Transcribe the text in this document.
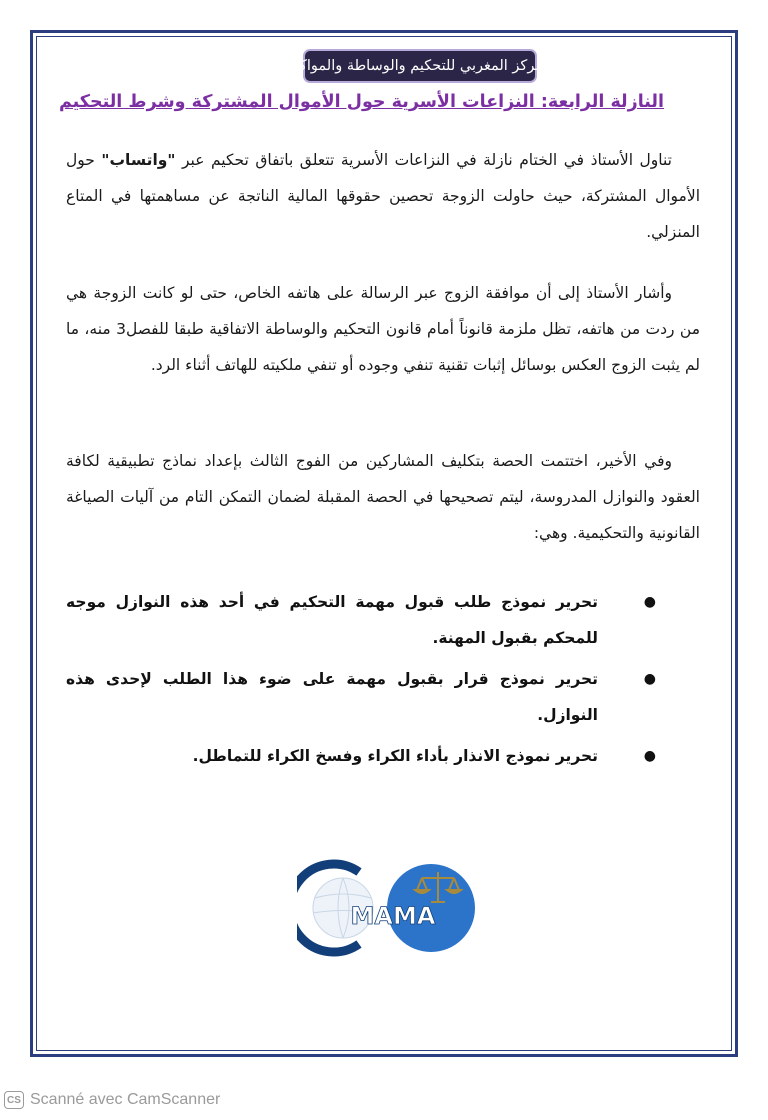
المركز المغربي للتحكيم والوساطة والمواكبة
النازلة الرابعة: النزاعات الأسرية حول الأموال المشتركة وشرط التحكيم

تناول الأستاذ في الختام نازلة في النزاعات الأسرية تتعلق باتفاق تحكيم عبر "واتساب" حول الأموال المشتركة، حيث حاولت الزوجة تحصين حقوقها المالية الناتجة عن مساهمتها في المتاع المنزلي.

وأشار الأستاذ إلى أن موافقة الزوج عبر الرسالة على هاتفه الخاص، حتى لو كانت الزوجة هي من ردت من هاتفه، تظل ملزمة قانوناً أمام قانون التحكيم والوساطة الاتفاقية طبقا للفصل3 منه، ما لم يثبت الزوج العكس بوسائل إثبات تقنية تنفي وجوده أو تنفي ملكيته للهاتف أثناء الرد.

وفي الأخير، اختتمت الحصة بتكليف المشاركين من الفوج الثالث بإعداد نماذج تطبيقية لكافة العقود والنوازل المدروسة، ليتم تصحيحها في الحصة المقبلة لضمان التمكن التام من آليات الصياغة القانونية والتحكيمية. وهي:

●
تحرير نموذج طلب قبول مهمة التحكيم في أحد هذه النوازل موجه للمحكم بقبول المهنة.
●
تحرير نموذج قرار بقبول مهمة على ضوء هذا الطلب لإحدى هذه النوازل.
●
تحرير نموذج الانذار بأداء الكراء وفسخ الكراء للتماطل.
MAMA
CS Scanné avec CamScanner
